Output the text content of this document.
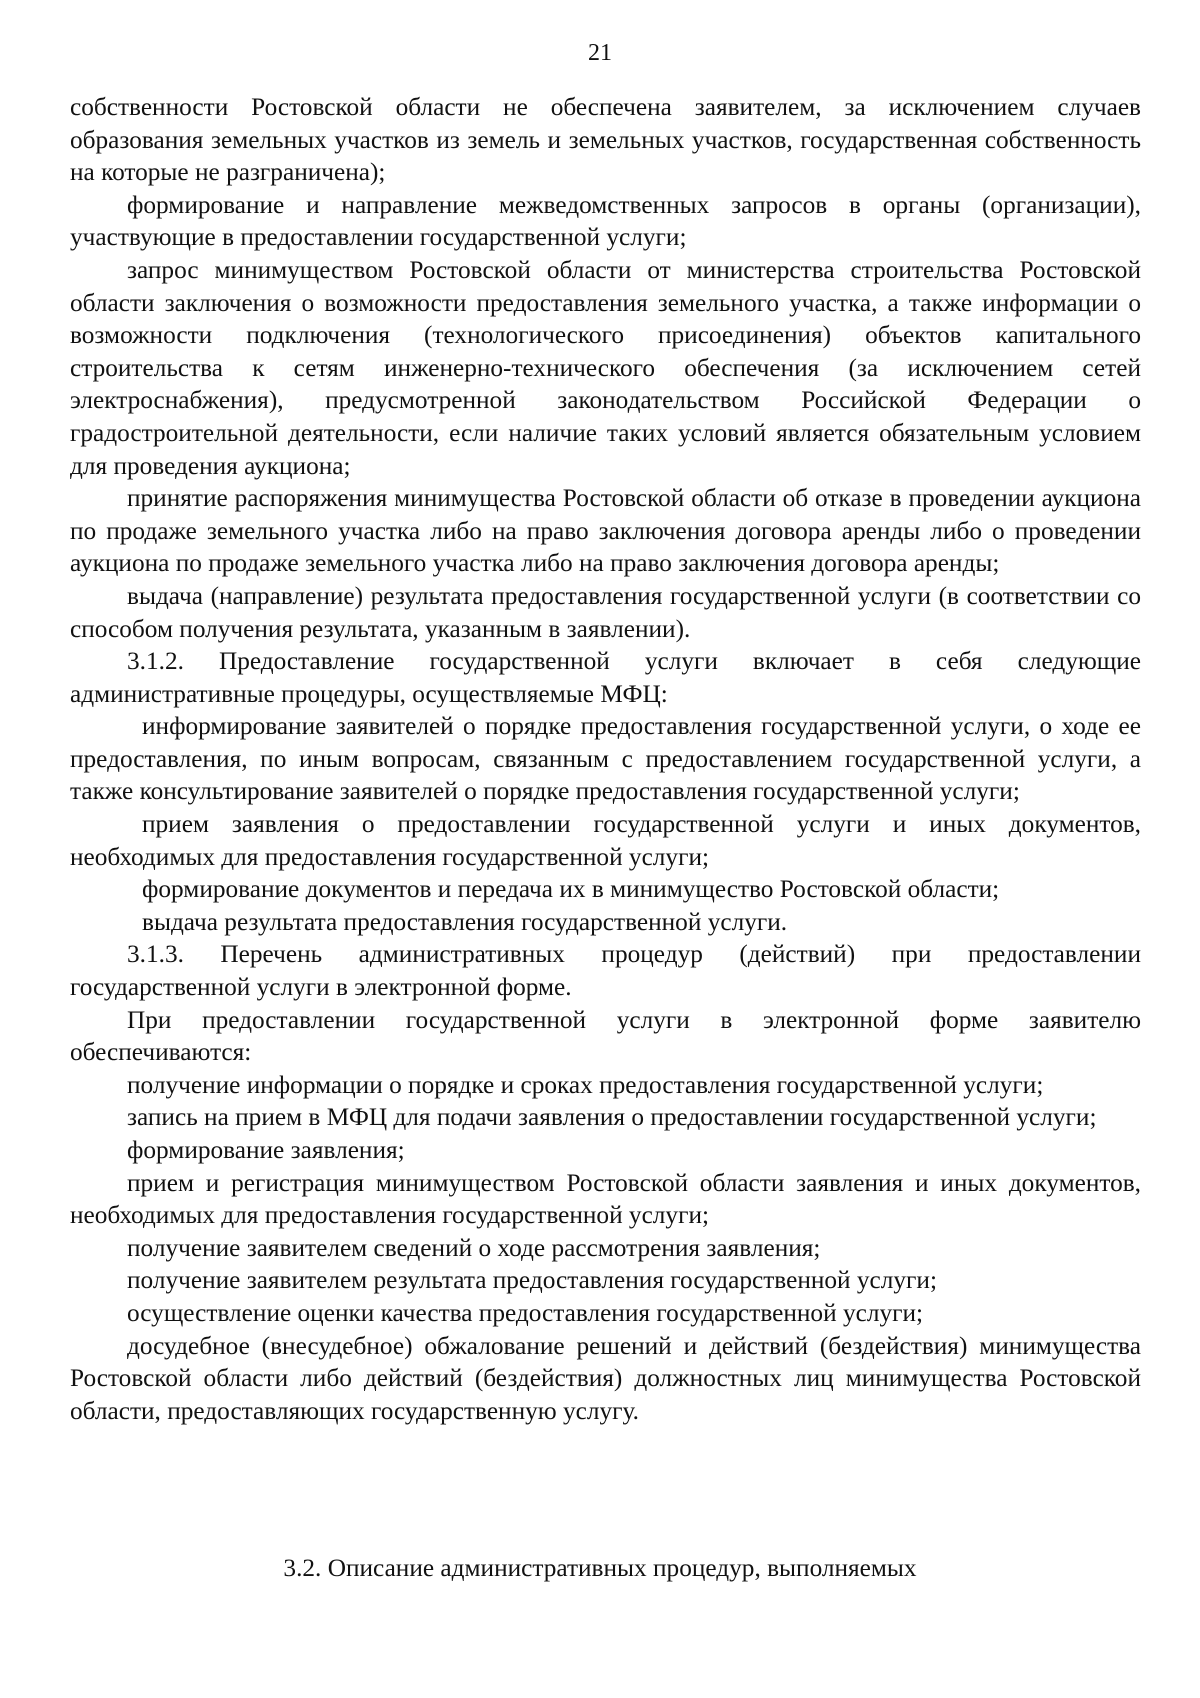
21

собственности Ростовской области не обеспечена заявителем, за исключением случаев образования земельных участков из земель и земельных участков, государственная собственность на которые не разграничена);

формирование и направление межведомственных запросов в органы (организации), участвующие в предоставлении государственной услуги;

запрос минимуществом Ростовской области от министерства строительства Ростовской области заключения о возможности предоставления земельного участка, а также информации о возможности подключения (технологического присоединения) объектов капитального строительства к сетям инженерно-технического обеспечения (за исключением сетей электроснабжения), предусмотренной законодательством Российской Федерации о градостроительной деятельности, если наличие таких условий является обязательным условием для проведения аукциона;

принятие распоряжения минимущества Ростовской области об отказе в проведении аукциона по продаже земельного участка либо на право заключения договора аренды либо о проведении аукциона по продаже земельного участка либо на право заключения договора аренды;

выдача (направление) результата предоставления государственной услуги (в соответствии со способом получения результата, указанным в заявлении).

3.1.2. Предоставление государственной услуги включает в себя следующие административные процедуры, осуществляемые МФЦ:

информирование заявителей о порядке предоставления государственной услуги, о ходе ее предоставления, по иным вопросам, связанным с предоставлением государственной услуги, а также консультирование заявителей о порядке предоставления государственной услуги;

прием заявления о предоставлении государственной услуги и иных документов, необходимых для предоставления государственной услуги;

формирование документов и передача их в минимущество Ростовской области;

выдача результата предоставления государственной услуги.

3.1.3. Перечень административных процедур (действий) при предоставлении государственной услуги в электронной форме.

При предоставлении государственной услуги в электронной форме заявителю обеспечиваются:

получение информации о порядке и сроках предоставления государственной услуги;

запись на прием в МФЦ для подачи заявления о предоставлении государственной услуги;

формирование заявления;

прием и регистрация минимуществом Ростовской области заявления и иных документов, необходимых для предоставления государственной услуги;

получение заявителем сведений о ходе рассмотрения заявления;

получение заявителем результата предоставления государственной услуги;

осуществление оценки качества предоставления государственной услуги;

досудебное (внесудебное) обжалование решений и действий (бездействия) минимущества Ростовской области либо действий (бездействия) должностных лиц минимущества Ростовской области, предоставляющих государственную услугу.

3.2. Описание административных процедур, выполняемых
